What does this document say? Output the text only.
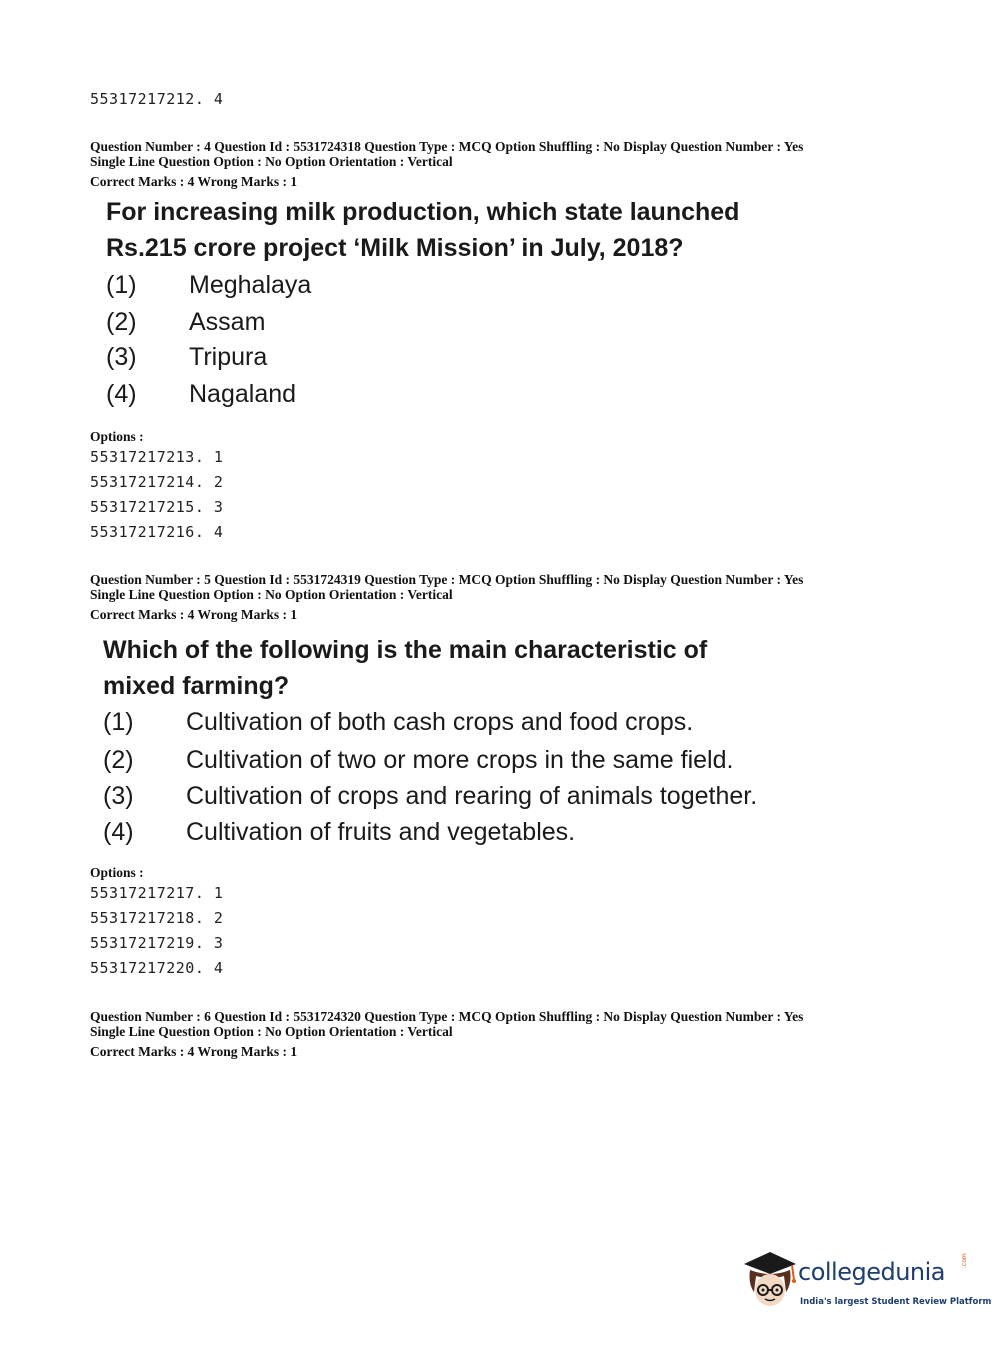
55317217212. 4
Question Number : 4 Question Id : 5531724318 Question Type : MCQ Option Shuffling : No Display Question Number : Yes
Single Line Question Option : No Option Orientation : Vertical
Correct Marks : 4 Wrong Marks : 1
For increasing milk production, which state launched
Rs.215 crore project ‘Milk Mission’ in July, 2018?
(1) Meghalaya
(2) Assam
(3) Tripura
(4) Nagaland
Options :
55317217213. 1
55317217214. 2
55317217215. 3
55317217216. 4
Question Number : 5 Question Id : 5531724319 Question Type : MCQ Option Shuffling : No Display Question Number : Yes
Single Line Question Option : No Option Orientation : Vertical
Correct Marks : 4 Wrong Marks : 1
Which of the following is the main characteristic of
mixed farming?
(1) Cultivation of both cash crops and food crops.
(2) Cultivation of two or more crops in the same field.
(3) Cultivation of crops and rearing of animals together.
(4) Cultivation of fruits and vegetables.
Options :
55317217217. 1
55317217218. 2
55317217219. 3
55317217220. 4
Question Number : 6 Question Id : 5531724320 Question Type : MCQ Option Shuffling : No Display Question Number : Yes
Single Line Question Option : No Option Orientation : Vertical
Correct Marks : 4 Wrong Marks : 1
collegedunia	.com
India's largest Student Review Platform
